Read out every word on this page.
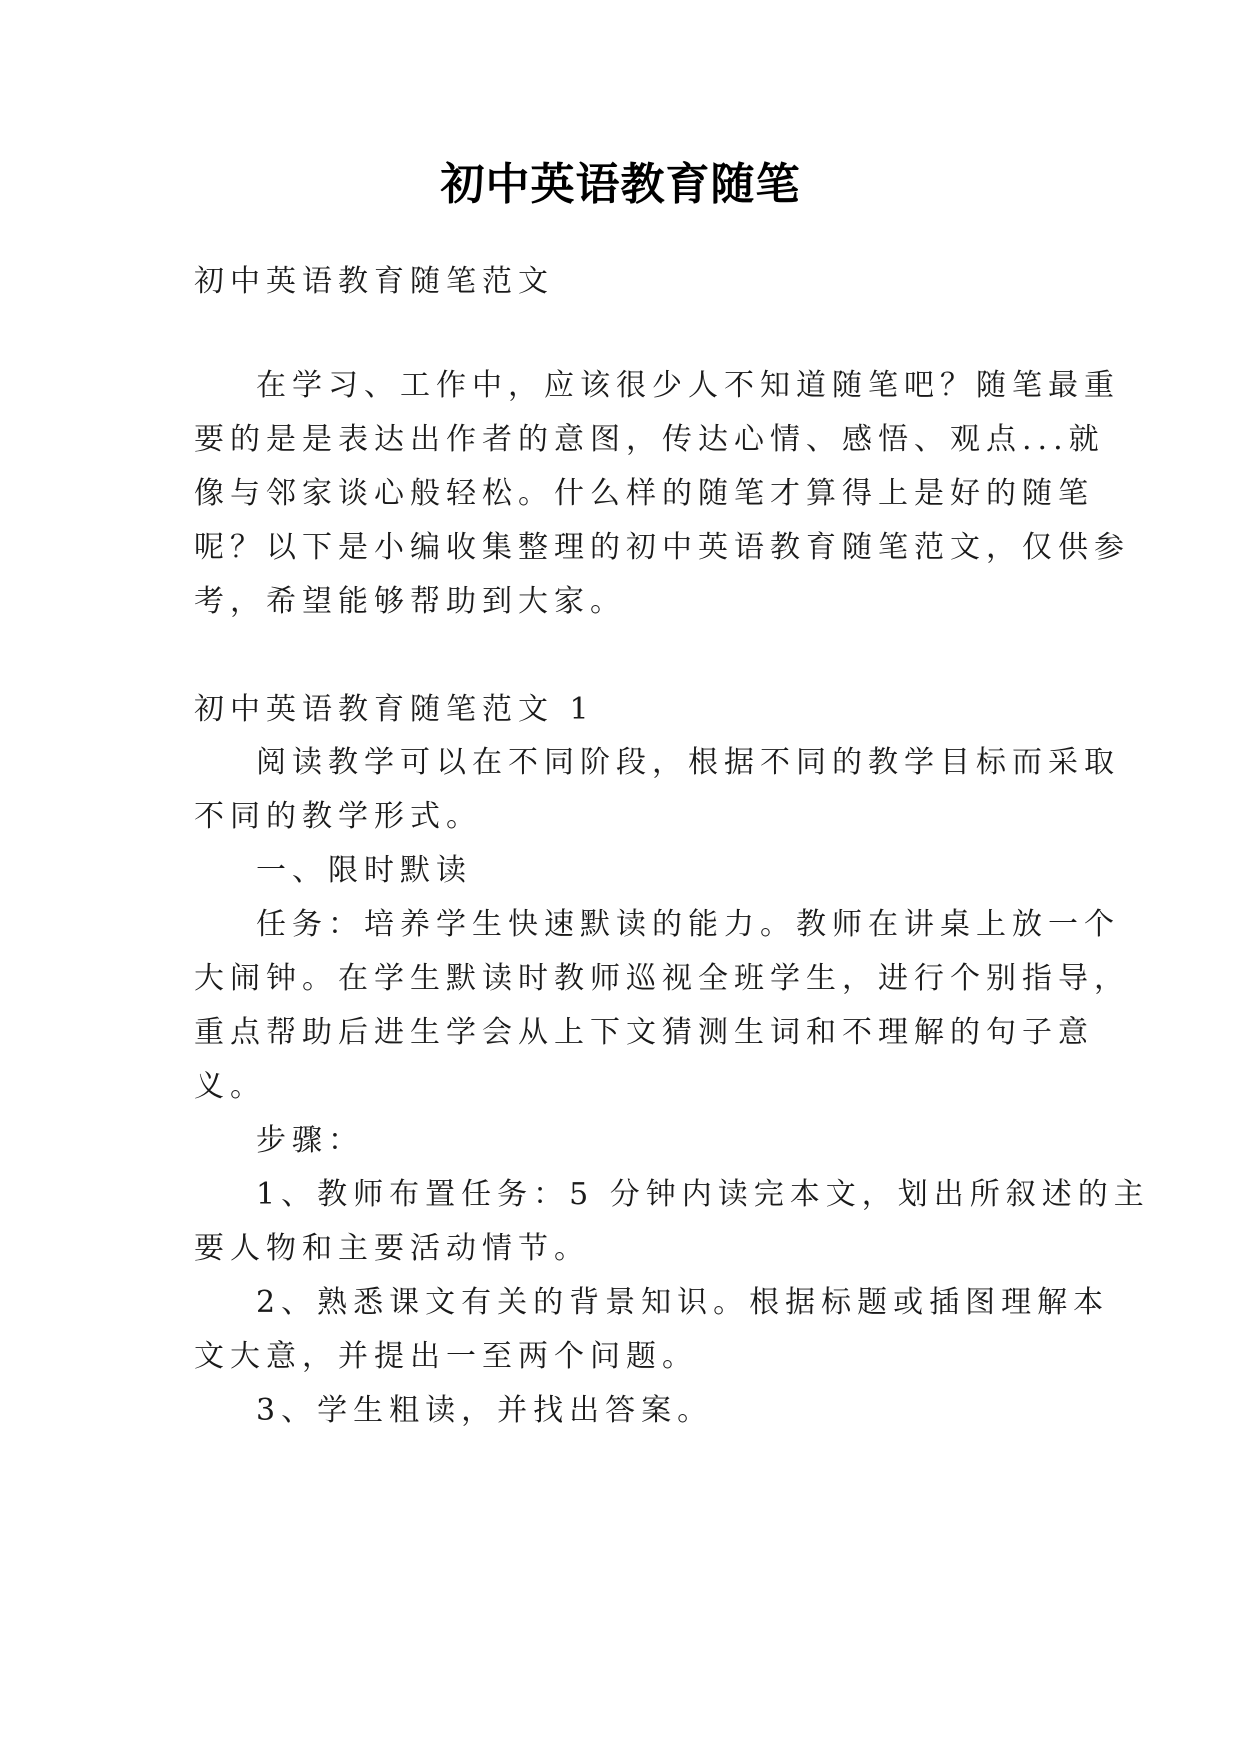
初中英语教育随笔
初中英语教育随笔范文
在学习、工作中，应该很少人不知道随笔吧？随笔最重
要的是是表达出作者的意图，传达心情、感悟、观点...就
像与邻家谈心般轻松。什么样的随笔才算得上是好的随笔
呢？以下是小编收集整理的初中英语教育随笔范文，仅供参
考，希望能够帮助到大家。
初中英语教育随笔范文 1
阅读教学可以在不同阶段，根据不同的教学目标而采取
不同的教学形式。
一、限时默读
任务：培养学生快速默读的能力。教师在讲桌上放一个
大闹钟。在学生默读时教师巡视全班学生，进行个别指导，
重点帮助后进生学会从上下文猜测生词和不理解的句子意
义。
步骤：
1、教师布置任务：5 分钟内读完本文，划出所叙述的主
要人物和主要活动情节。
2、熟悉课文有关的背景知识。根据标题或插图理解本
文大意，并提出一至两个问题。
3、学生粗读，并找出答案。
